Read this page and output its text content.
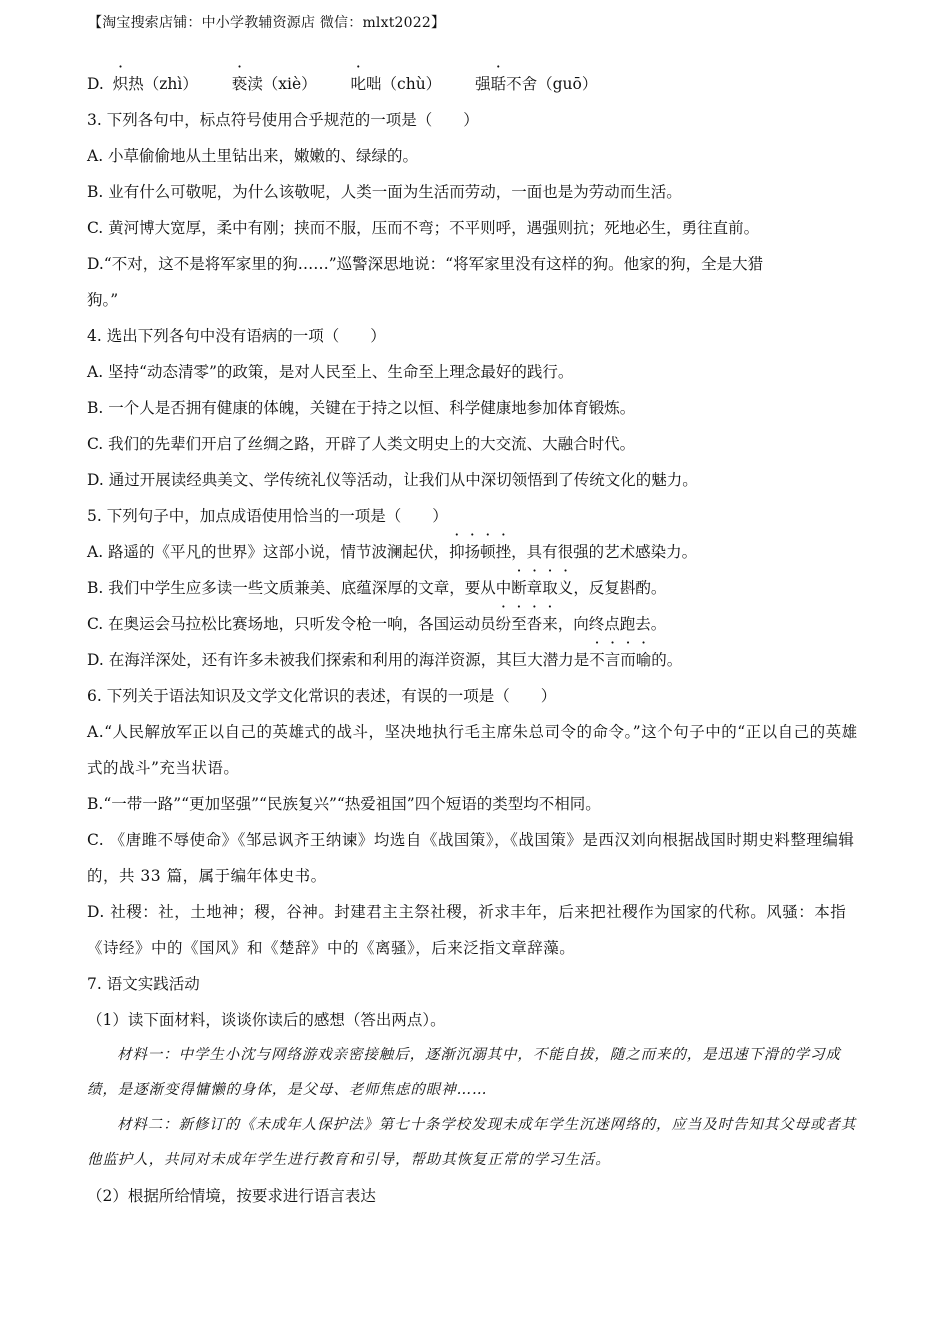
【淘宝搜索店铺：中小学教辅资源店 微信：mlxt2022】
D. 炽热（zhì） 亵渎（xiè） 叱咄（chù） 强聒不舍（guō）
3. 下列各句中，标点符号使用合乎规范的一项是（　　）
A. 小草偷偷地从土里钻出来，嫩嫩的、绿绿的。
B. 业有什么可敬呢，为什么该敬呢，人类一面为生活而劳动，一面也是为劳动而生活。
C. 黄河博大宽厚，柔中有刚；挟而不服，压而不弯；不平则呼，遇强则抗；死地必生，勇往直前。
D.“不对，这不是将军家里的狗……”巡警深思地说：“将军家里没有这样的狗。他家的狗，全是大猎
狗。”
4. 选出下列各句中没有语病的一项（　　）
A. 坚持“动态清零”的政策，是对人民至上、生命至上理念最好的践行。
B. 一个人是否拥有健康的体魄，关键在于持之以恒、科学健康地参加体育锻炼。
C. 我们的先辈们开启了丝绸之路，开辟了人类文明史上的大交流、大融合时代。
D. 通过开展读经典美文、学传统礼仪等活动，让我们从中深切领悟到了传统文化的魅力。
5. 下列句子中，加点成语使用恰当的一项是（　　）
A. 路遥的《平凡的世界》这部小说，情节波澜起伏，抑扬顿挫，具有很强的艺术感染力。
B. 我们中学生应多读一些文质兼美、底蕴深厚的文章，要从中断章取义，反复斟酌。
C. 在奥运会马拉松比赛场地，只听发令枪一响，各国运动员纷至沓来，向终点跑去。
D. 在海洋深处，还有许多未被我们探索和利用的海洋资源，其巨大潜力是不言而喻的。
6. 下列关于语法知识及文学文化常识的表述，有误的一项是（　　）
A.“人民解放军正以自己的英雄式的战斗，坚决地执行毛主席朱总司令的命令。”这个句子中的“正以自己的英雄式的战斗”充当状语。
B.“一带一路”“更加坚强”“民族复兴”“热爱祖国”四个短语的类型均不相同。
C. 《唐雎不辱使命》《邹忌讽齐王纳谏》均选自《战国策》，《战国策》是西汉刘向根据战国时期史料整理编辑的，共 33 篇，属于编年体史书。
D. 社稷：社，土地神；稷，谷神。封建君主主祭社稷，祈求丰年，后来把社稷作为国家的代称。风骚：本指《诗经》中的《国风》和《楚辞》中的《离骚》，后来泛指文章辞藻。
7. 语文实践活动
（1）读下面材料，谈谈你读后的感想（答出两点）。
材料一：中学生小沈与网络游戏亲密接触后，逐渐沉溺其中，不能自拔，随之而来的，是迅速下滑的学习成绩，是逐渐变得慵懒的身体，是父母、老师焦虑的眼神……
材料二：新修订的《未成年人保护法》第七十条学校发现未成年学生沉迷网络的，应当及时告知其父母或者其他监护人，共同对未成年学生进行教育和引导，帮助其恢复正常的学习生活。
（2）根据所给情境，按要求进行语言表达
